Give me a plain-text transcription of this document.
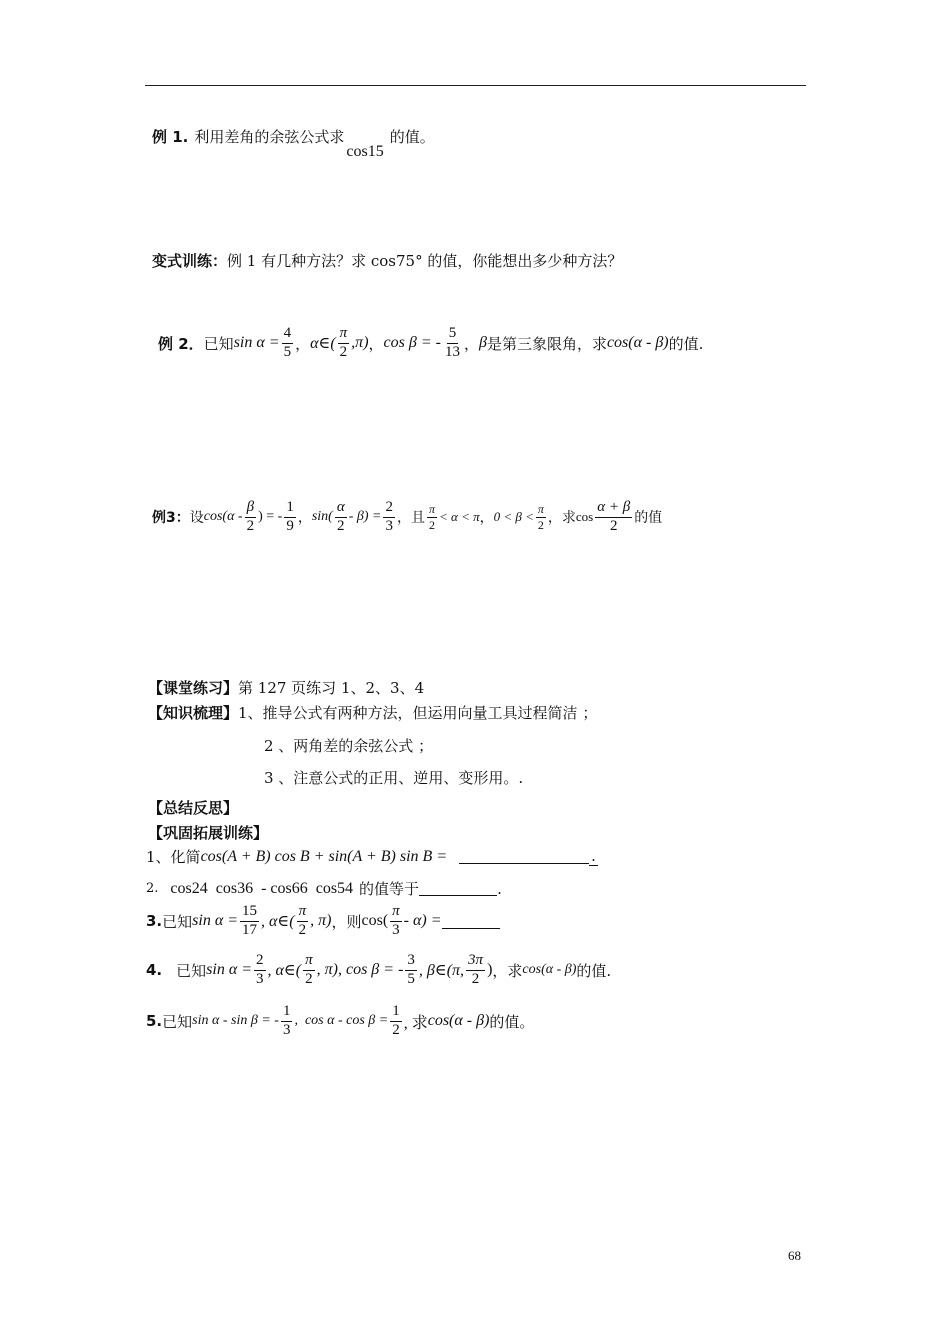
例 1. 利用差角的余弦公式求
cos15
的值。
变式训练： 例 1 有几种方法？求 cos75° 的值，你能想出多少种方法？
例 2． 已知 $\sin \alpha = \frac{4}{5}$ ， α∈( $\frac{\pi}{2} ,\pi$) ， cos β = - $\frac{5}{13}$ ， β 是第三象限角，求 cos(α - β) 的值.
例3： 设 $\cos(\alpha - \frac{\beta}{2}$ ) = - $\frac{1}{9}$ ， $\sin( \frac{\alpha}{2} - \beta) = \frac{2}{3}$ ，且 $\frac{\pi}{2} < \alpha < \pi$ ， $0 < \beta < \frac{\pi}{2}$ ，求 $\cos \frac{\alpha + \beta}{2}$ 的值
【课堂练习】 第 127 页练习 1、2、3、4
【知识梳理】 1、推导公式有两种方法，但运用向量工具过程简洁 ；
2 、两角差的余弦公式 ；
3 、注意公式的正用、逆用、变形用。.
【总结反思】
【巩固拓展训练】
1、 化简 cos(A + B) cos B + sin(A + B) sin B =	.
2. cos24  cos36  - cos66  cos54 的值等于	.
3. 已知 $\sin \alpha = \frac{15}{17}$ , α∈( $\frac{\pi}{2}$ , π) ，则 $\cos( \frac{\pi}{3} - \alpha)$ =
4. 已知 $\sin \alpha = \frac{2}{3}$ , α∈( $\frac{\pi}{2}$ , π), cos β = - $\frac{3}{5}$ , β∈(π, $\frac{3\pi}{2}$ ) ，求 cos(α - β) 的值.
5. 已知 sin α - sin β = - $\frac{1}{3}$ ,  $\cos \alpha - \cos \beta = \frac{1}{2}$ , 求 cos(α - β) 的值。
68
